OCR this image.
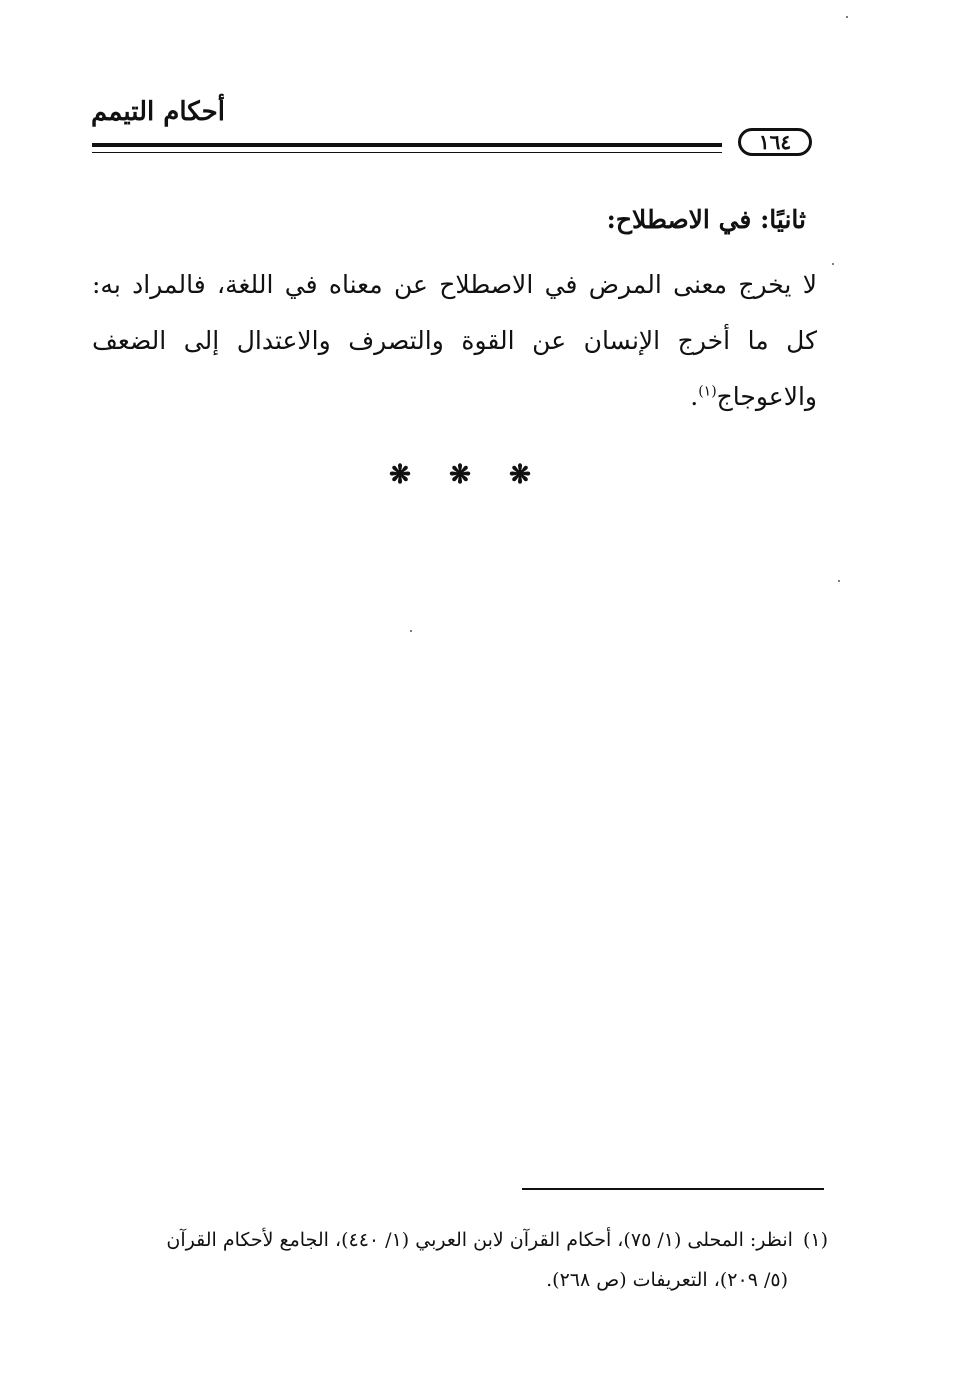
أحكام التيمم
١٦٤
ثانيًا: في الاصطلاح:
لا يخرج معنى المرض في الاصطلاح عن معناه في اللغة، فالمراد به: كل ما أخرج الإنسان عن القوة والتصرف والاعتدال إلى الضعف والاعوجاج$^{(١)}$.
❋	❋	❋
(١)انظر: المحلى (١/ ٧٥)، أحكام القرآن لابن العربي (١/ ٤٤٠)، الجامع لأحكام القرآن
(٥/ ٢٠٩)، التعريفات (ص ٢٦٨).
